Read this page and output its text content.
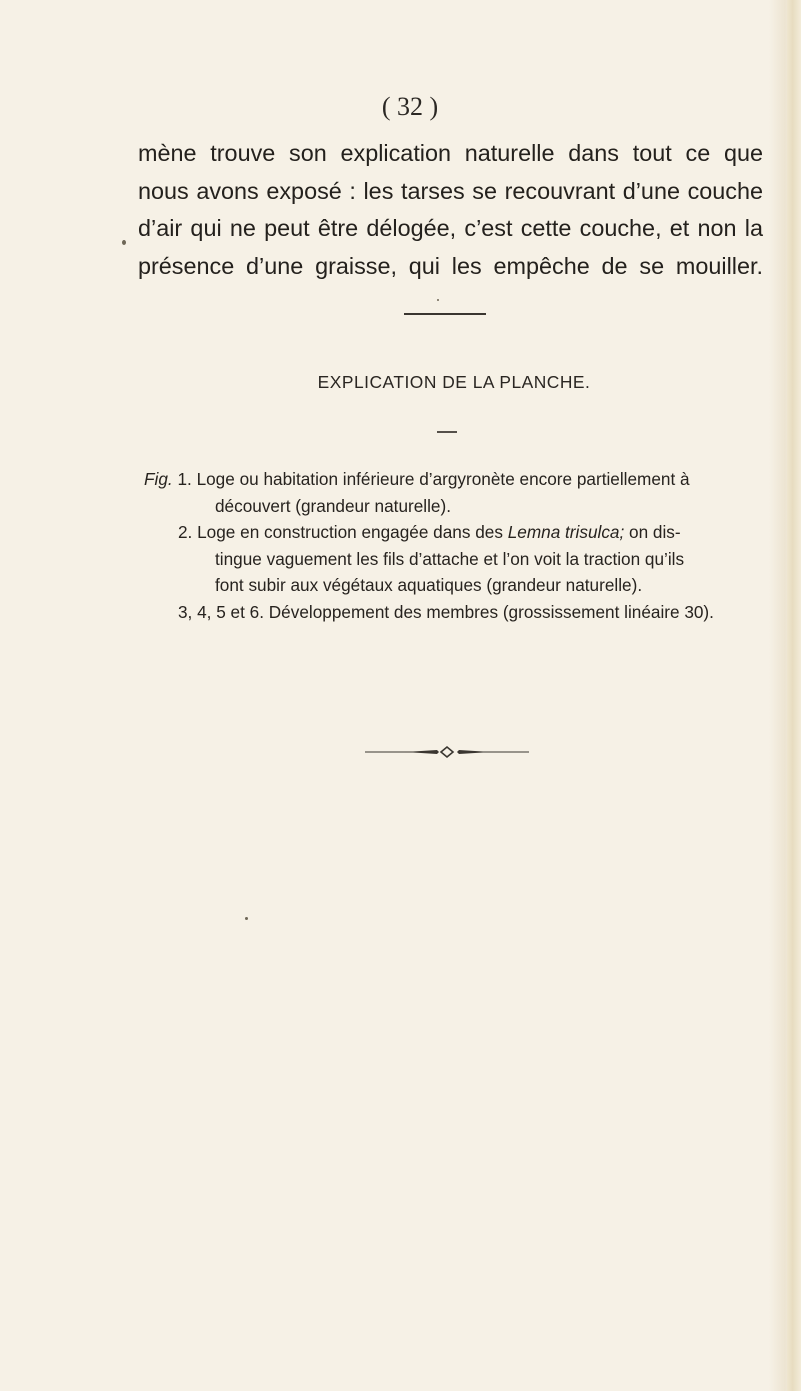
( 32 )
mène trouve son explication naturelle dans tout ce que
nous avons exposé : les tarses se recouvrant d’une couche
d’air qui ne peut être délogée, c’est cette couche, et non la
présence d’une graisse, qui les empêche de se mouiller.
EXPLICATION DE LA PLANCHE.
Fig. 1. Loge ou habitation inférieure d’argyronète encore partiellement à
découvert (grandeur naturelle).
2. Loge en construction engagée dans des Lemna trisulca; on dis-
tingue vaguement les fils d’attache et l’on voit la traction qu’ils
font subir aux végétaux aquatiques (grandeur naturelle).
3, 4, 5 et 6. Développement des membres (grossissement linéaire 30).
